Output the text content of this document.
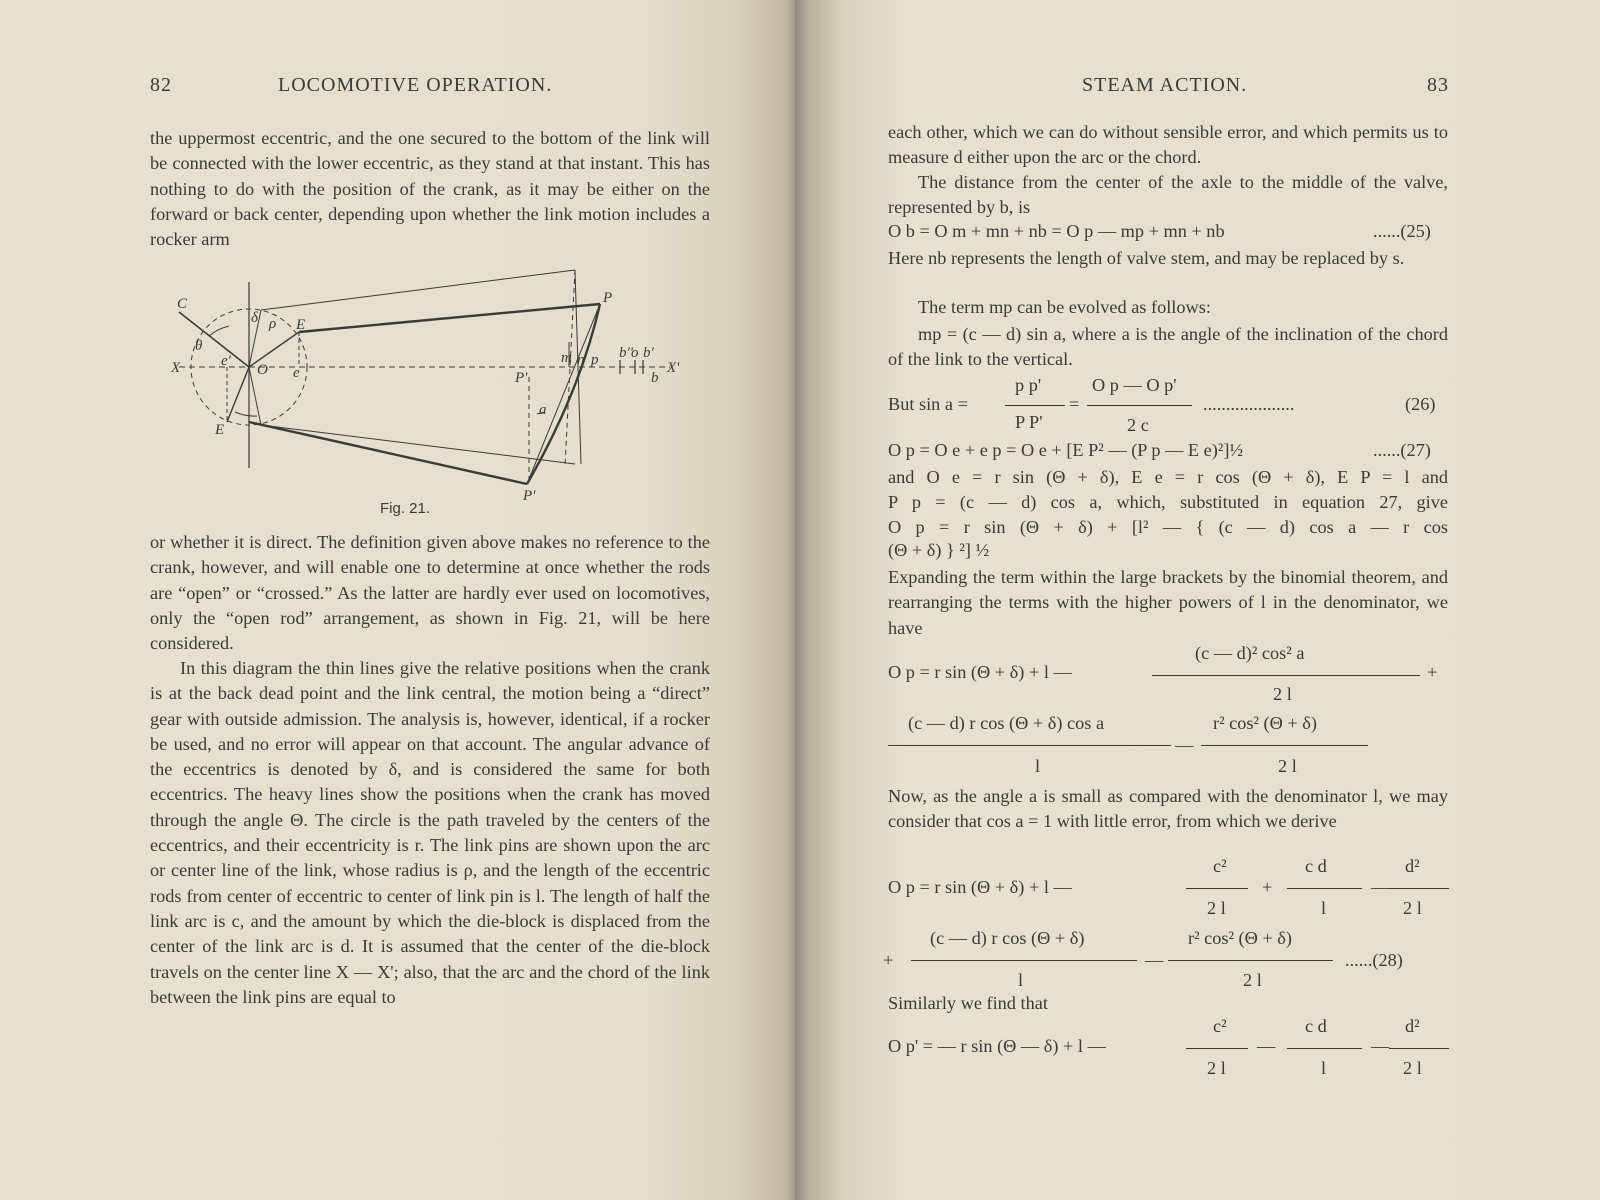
82	LOCOMOTIVE OPERATION.

the uppermost eccentric, and the one secured to the bottom of the link will be connected with the lower eccentric, as they stand at that instant. This has nothing to do with the position of the crank, as it may be either on the forward or back center, depending upon whether the link motion includes a rocker arm

C
X	O
E
E
e
e'
δ
θ
ρ
P
P'
P'
m n p
a
o
b
b'
b''
X'
Fig. 21.

or whether it is direct. The definition given above makes no reference to the crank, however, and will enable one to determine at once whether the rods are “open” or “crossed.” As the latter are hardly ever used on locomotives, only the “open rod” arrangement, as shown in Fig. 21, will be here considered.

In this diagram the thin lines give the relative positions when the crank is at the back dead point and the link central, the motion being a “direct” gear with outside admission. The analysis is, however, identical, if a rocker be used, and no error will appear on that account. The angular advance of the eccentrics is denoted by δ, and is considered the same for both eccentrics. The heavy lines show the positions when the crank has moved through the angle Θ. The circle is the path traveled by the centers of the eccentrics, and their eccentricity is r. The link pins are shown upon the arc or center line of the link, whose radius is ρ, and the length of the eccentric rods from center of eccentric to center of link pin is l. The length of half the link arc is c, and the amount by which the die-block is displaced from the center of the link arc is d. It is assumed that the center of the die-block travels on the center line X — X'; also, that the arc and the chord of the link between the link pins are equal to

STEAM ACTION.	83

each other, which we can do without sensible error, and which permits us to measure d either upon the arc or the chord.

The distance from the center of the axle to the middle of the valve, represented by b, is

O b = O m + mn + nb = O p — mp + mn + nb	......(25)

Here nb represents the length of valve stem, and may be replaced by s.

The term mp can be evolved as follows:

mp = (c — d) sin a, where a is the angle of the inclination of the chord of the link to the vertical.

But sin a =
p p'
P P'
=
O p — O p'
2 c
....................	(26)
O p = O e + e p = O e + [E P² — (P p — E e)²]½	......(27)

and O e = r sin (Θ + δ), E e = r cos (Θ + δ), E P = l and

P p = (c — d) cos a, which, substituted in equation 27, give

O p = r sin (Θ + δ) + [l² — { (c — d) cos a — r cos

(Θ + δ) } ²] ½

Expanding the term within the large brackets by the binomial theorem, and rearranging the terms with the higher powers of l in the denominator, we have

O p = r sin (Θ + δ) + l —
(c — d)² cos² a
2 l
+
(c — d) r cos (Θ + δ) cos a
l
—
r² cos² (Θ + δ)
2 l

Now, as the angle a is small as compared with the denominator l, we may consider that cos a = 1 with little error, from which we derive

O p = r sin (Θ + δ) + l —
c²
2 l
+
c d
l
—
d²
2 l
+
(c — d) r cos (Θ + δ)
l
—
r² cos² (Θ + δ)
2 l
......(28)
Similarly we find that
O p' = — r sin (Θ — δ) + l —
c²
2 l
—
c d
l
—
d²
2 l
